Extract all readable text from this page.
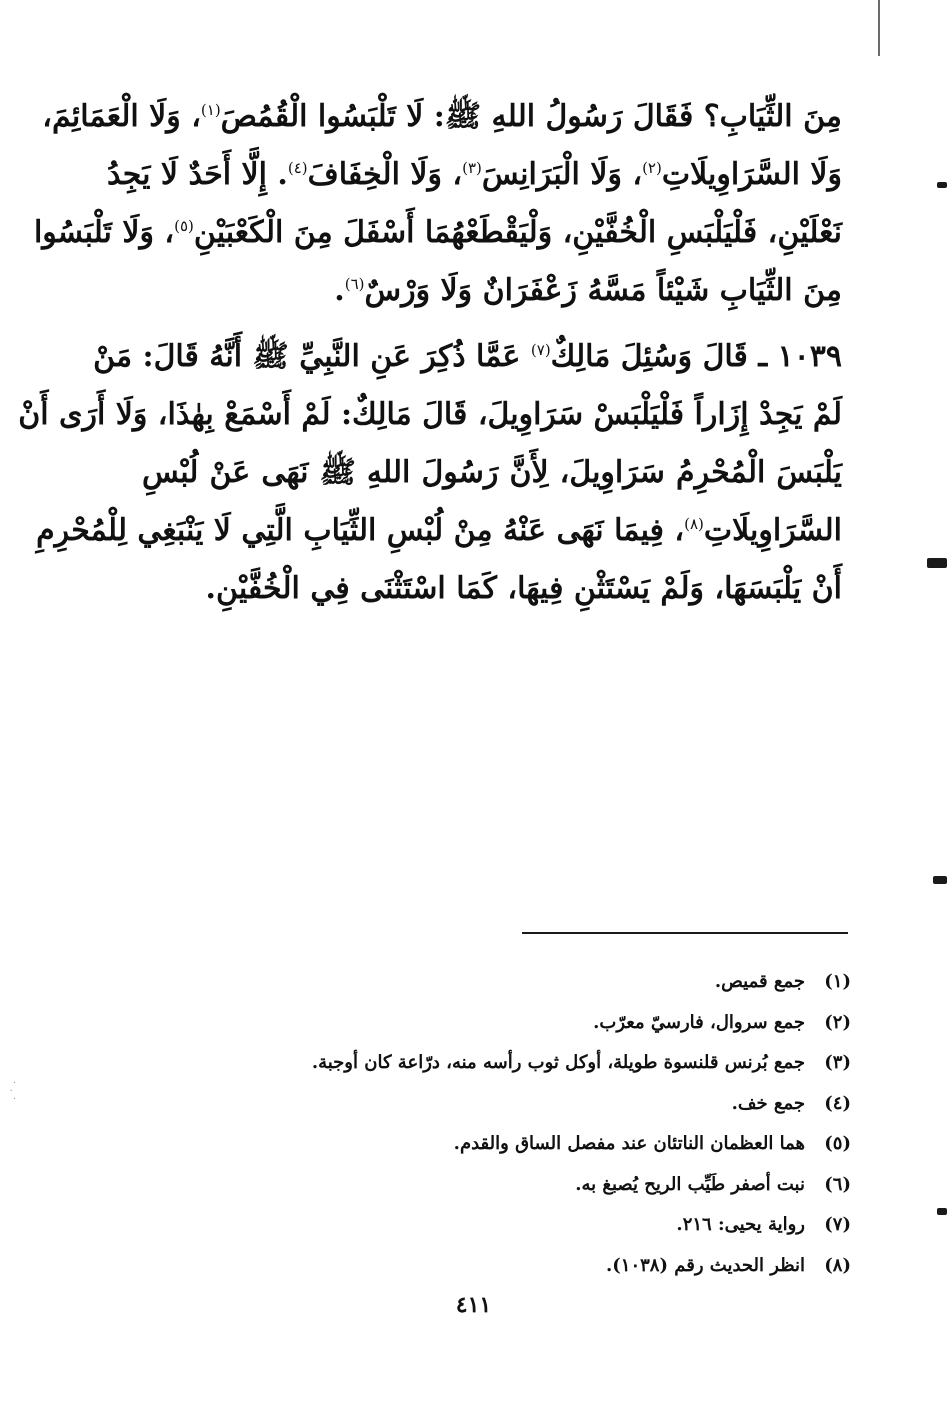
·
·
·
مِنَ الثِّيَابِ؟ فَقَالَ رَسُولُ اللهِ ﷺ: لَا تَلْبَسُوا الْقُمُصَ$^{(١)}$، وَلَا الْعَمَائِمَ،
وَلَا السَّرَاوِيلَاتِ$^{(٢)}$، وَلَا الْبَرَانِسَ$^{(٣)}$، وَلَا الْخِفَافَ$^{(٤)}$. إِلَّا أَحَدٌ لَا يَجِدُ
نَعْلَيْنِ، فَلْيَلْبَسِ الْخُفَّيْنِ، وَلْيَقْطَعْهُمَا أَسْفَلَ مِنَ الْكَعْبَيْنِ$^{(٥)}$، وَلَا تَلْبَسُوا
مِنَ الثِّيَابِ شَيْئاً مَسَّهُ زَعْفَرَانٌ وَلَا وَرْسٌ$^{(٦)}$.
١٠٣٩ ـ قَالَ وَسُئِلَ مَالِكٌ$^{(٧)}$ عَمَّا ذُكِرَ عَنِ النَّبِيِّ ﷺ أَنَّهُ قَالَ: مَنْ
لَمْ يَجِدْ إِزَاراً فَلْيَلْبَسْ سَرَاوِيلَ، قَالَ مَالِكٌ: لَمْ أَسْمَعْ بِهٰذَا، وَلَا أَرَى أَنْ
يَلْبَسَ الْمُحْرِمُ سَرَاوِيلَ، لِأَنَّ رَسُولَ اللهِ ﷺ نَهَى عَنْ لُبْسِ
السَّرَاوِيلَاتِ$^{(٨)}$، فِيمَا نَهَى عَنْهُ مِنْ لُبْسِ الثِّيَابِ الَّتِي لَا يَنْبَغِي لِلْمُحْرِمِ
أَنْ يَلْبَسَهَا، وَلَمْ يَسْتَثْنِ فِيهَا، كَمَا اسْتَثْنَى فِي الْخُفَّيْنِ.
(١)
جمع قميص.
(٢)
جمع سروال، فارسيّ معرّب.
(٣)
جمع بُرنس قلنسوة طويلة، أوكل ثوب رأسه منه، درّاعة كان أوجبة.
(٤)
جمع خف.
(٥)
هما العظمان الناتئان عند مفصل الساق والقدم.
(٦)
نبت أصفر طَيِّب الريح يُصبغ به.
(٧)
رواية يحيى: ٢١٦.
(٨)
انظر الحديث رقم (١٠٣٨).
٤١١
